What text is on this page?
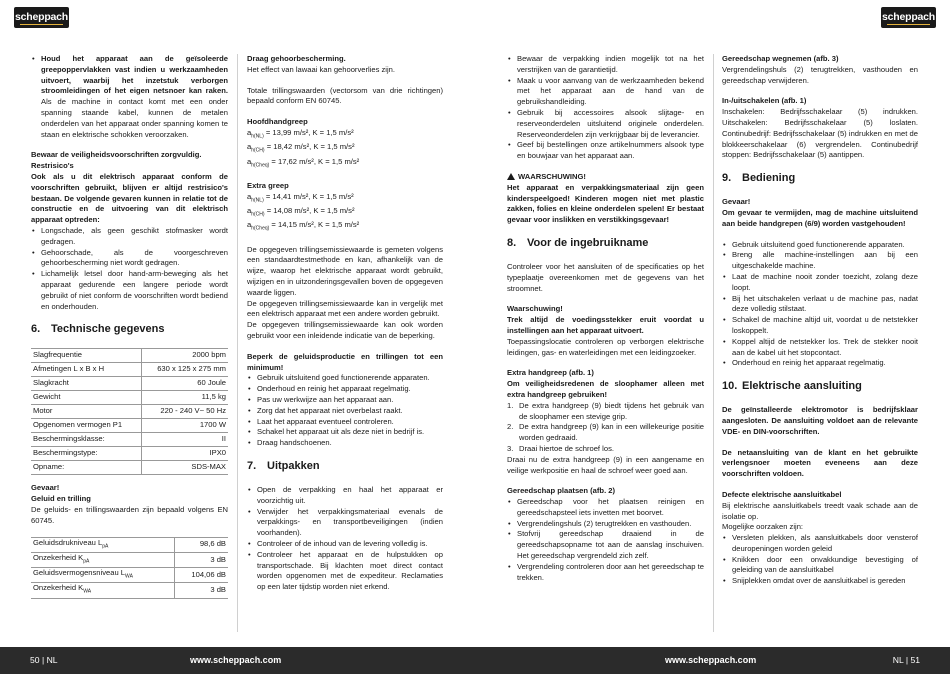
scheppach	scheppach
• Houd het apparaat aan de geïsoleerde greepoppervlakken vast indien u werkzaamheden uitvoert, waarbij het inzetstuk verborgen stroomleidingen of het eigen netsnoer kan raken. Als de machine in contact komt met een onder spanning staande kabel, kunnen de metalen onderdelen van het apparaat onder spanning komen te staan en elektrische schokken veroorzaken.

Bewaar de veiligheidsvoorschriften zorgvuldig.

Restrisico's

Ook als u dit elektrisch apparaat conform de voorschriften gebruikt, blijven er altijd restrisico's bestaan. De volgende gevaren kunnen in relatie tot de constructie en de uitvoering van dit elektrisch apparaat optreden:

• Longschade, als geen geschikt stofmasker wordt gedragen.
• Gehoorschade, als de voorgeschreven gehoorbescherming niet wordt gedragen.
• Lichamelijk letsel door hand-arm-beweging als het apparaat gedurende een langere periode wordt gebruikt of niet conform de voorschriften wordt bediend en onderhouden.
6. Technische gegevens
Slagfrequentie	2000 bpm
Afmetingen L x B x H	630 x 125 x 275 mm
Slagkracht	60 Joule
Gewicht	11,5 kg
Motor	220 - 240 V~ 50 Hz
Opgenomen vermogen P1	1700 W
Beschermingsklasse:	II
Beschermingstype:	IPX0
Opname:	SDS-MAX

Gevaar!

Geluid en trilling

De geluids- en trillingswaarden zijn bepaald volgens EN 60745.

Geluidsdrukniveau $L_{pA}$	98,6 dB
Onzekerheid $K_{pA}$	3 dB
Geluidsvermogensniveau $L_{WA}$	104,06 dB
Onzekerheid $K_{WA}$	3 dB

Draag gehoorbescherming.

Het effect van lawaai kan gehoorverlies zijn.

Totale trillingswaarden (vectorsom van drie richtingen) bepaald conform EN 60745.

Hoofdhandgreep
$a_{h(NL)} = 13,99$ m/s², K = 1,5 m/s²
$a_{h(CH)} = 18,42$ m/s², K = 1,5 m/s²
$a_{h(Cheq)} = 17,62$ m/s², K = 1,5 m/s²
Extra greep
$a_{h(NL)} = 14,41$ m/s², K = 1,5 m/s²
$a_{h(CH)} = 14,08$ m/s², K = 1,5 m/s²
$a_{h(Cheq)} = 14,15$ m/s², K = 1,5 m/s²

De opgegeven trillingsemissiewaarde is gemeten volgens een standaardtestmethode en kan, afhankelijk van de wijze, waarop het elektrische apparaat wordt gebruikt, wijzigen en in uitzonderingsgevallen boven de opgegeven waarde liggen.

De opgegeven trillingsemissiewaarde kan in vergelijk met een elektrisch apparaat met een andere worden gebruikt.

De opgegeven trillingsemissiewaarde kan ook worden gebruikt voor een inleidende indicatie van de beperking.

Beperk de geluidsproductie en trillingen tot een minimum!

• Gebruik uitsluitend goed functionerende apparaten.
• Onderhoud en reinig het apparaat regelmatig.
• Pas uw werkwijze aan het apparaat aan.
• Zorg dat het apparaat niet overbelast raakt.
• Laat het apparaat eventueel controleren.
• Schakel het apparaat uit als deze niet in bedrijf is.
• Draag handschoenen.
7. Uitpakken
• Open de verpakking en haal het apparaat er voorzichtig uit.
• Verwijder het verpakkingsmateriaal evenals de verpakkings- en transportbeveiligingen (indien voorhanden).
• Controleer of de inhoud van de levering volledig is.
• Controleer het apparaat en de hulpstukken op transportschade. Bij klachten moet direct contact worden opgenomen met de expediteur. Reclamaties op een later tijdstip worden niet erkend.
• Bewaar de verpakking indien mogelijk tot na het verstrijken van de garantietijd.
• Maak u voor aanvang van de werkzaamheden bekend met het apparaat aan de hand van de gebruikshandleiding.
• Gebruik bij accessoires alsook slijtage- en reserveonderdelen uitsluitend originele onderdelen. Reserveonderdelen zijn verkrijgbaar bij de leverancier.
• Geef bij bestellingen onze artikelnummers alsook type en bouwjaar van het apparaat aan.

WAARSCHUWING!

Het apparaat en verpakkingsmateriaal zijn geen kinderspeelgoed! Kinderen mogen niet met plastic zakken, folies en kleine onderdelen spelen! Er bestaat gevaar voor inslikken en verstikkingsgevaar!

8. Voor de ingebruikname

Controleer voor het aansluiten of de specificaties op het typeplaatje overeenkomen met de gegevens van het stroomnet.

Waarschuwing!

Trek altijd de voedingsstekker eruit voordat u instellingen aan het apparaat uitvoert.

Toepassingslocatie controleren op verborgen elektrische leidingen, gas- en waterleidingen met een leidingzoeker.

Extra handgreep (afb. 1)

Om veiligheidsredenen de sloophamer alleen met extra handgreep gebruiken!

1. De extra handgreep (9) biedt tijdens het gebruik van de sloophamer een stevige grip.
2. De extra handgreep (9) kan in een willekeurige positie worden gedraaid.
3. Draai hiertoe de schroef los.

Draai nu de extra handgreep (9) in een aangename en veilige werkpositie en haal de schroef weer goed aan.

Gereedschap plaatsen (afb. 2)
• Gereedschap voor het plaatsen reinigen en gereedschapsteel iets invetten met boorvet.
• Vergrendelingshuls (2) terugtrekken en vasthouden.
• Stofvrij gereedschap draaiend in de gereedschapsopname tot aan de aanslag inschuiven. Het gereedschap vergrendeld zich zelf.
• Vergrendeling controleren door aan het gereedschap te trekken.
Gereedschap wegnemen (afb. 3)

Vergrendelingshuls (2) terugtrekken, vasthouden en gereedschap verwijderen.

In-/uitschakelen (afb. 1)

Inschakelen: Bedrijfsschakelaar (5) indrukken. Uitschakelen: Bedrijfsschakelaar (5) loslaten. Continubedrijf: Bedrijfsschakelaar (5) indrukken en met de blokkeerschakelaar (6) vergrendelen. Continubedrijf stoppen: Bedrijfsschakelaar (5) aantippen.

9. Bediening

Gevaar!

Om gevaar te vermijden, mag de machine uitsluitend aan beide handgrepen (6/9) worden vastgehouden!

• Gebruik uitsluitend goed functionerende apparaten.
• Breng alle machine-instellingen aan bij een uitgeschakelde machine.
• Laat de machine nooit zonder toezicht, zolang deze loopt.
• Bij het uitschakelen verlaat u de machine pas, nadat deze volledig stilstaat.
• Schakel de machine altijd uit, voordat u de netstekker loskoppelt.
• Koppel altijd de netstekker los. Trek de stekker nooit aan de kabel uit het stopcontact.
• Onderhoud en reinig het apparaat regelmatig.
10. Elektrische aansluiting

De geïnstalleerde elektromotor is bedrijfsklaar aangesloten. De aansluiting voldoet aan de relevante VDE- en DIN-voorschriften.

De netaansluiting van de klant en het gebruikte verlengsnoer moeten eveneens aan deze voorschriften voldoen.

Defecte elektrische aansluitkabel

Bij elektrische aansluitkabels treedt vaak schade aan de isolatie op.

Mogelijke oorzaken zijn:

• Versleten plekken, als aansluitkabels door vensterof deuropeningen worden geleid
• Knikken door een onvakkundige bevestiging of geleiding van de aansluitkabel
• Snijplekken omdat over de aansluitkabel is gereden
50 | NL	www.scheppach.com	www.scheppach.com	NL | 51
